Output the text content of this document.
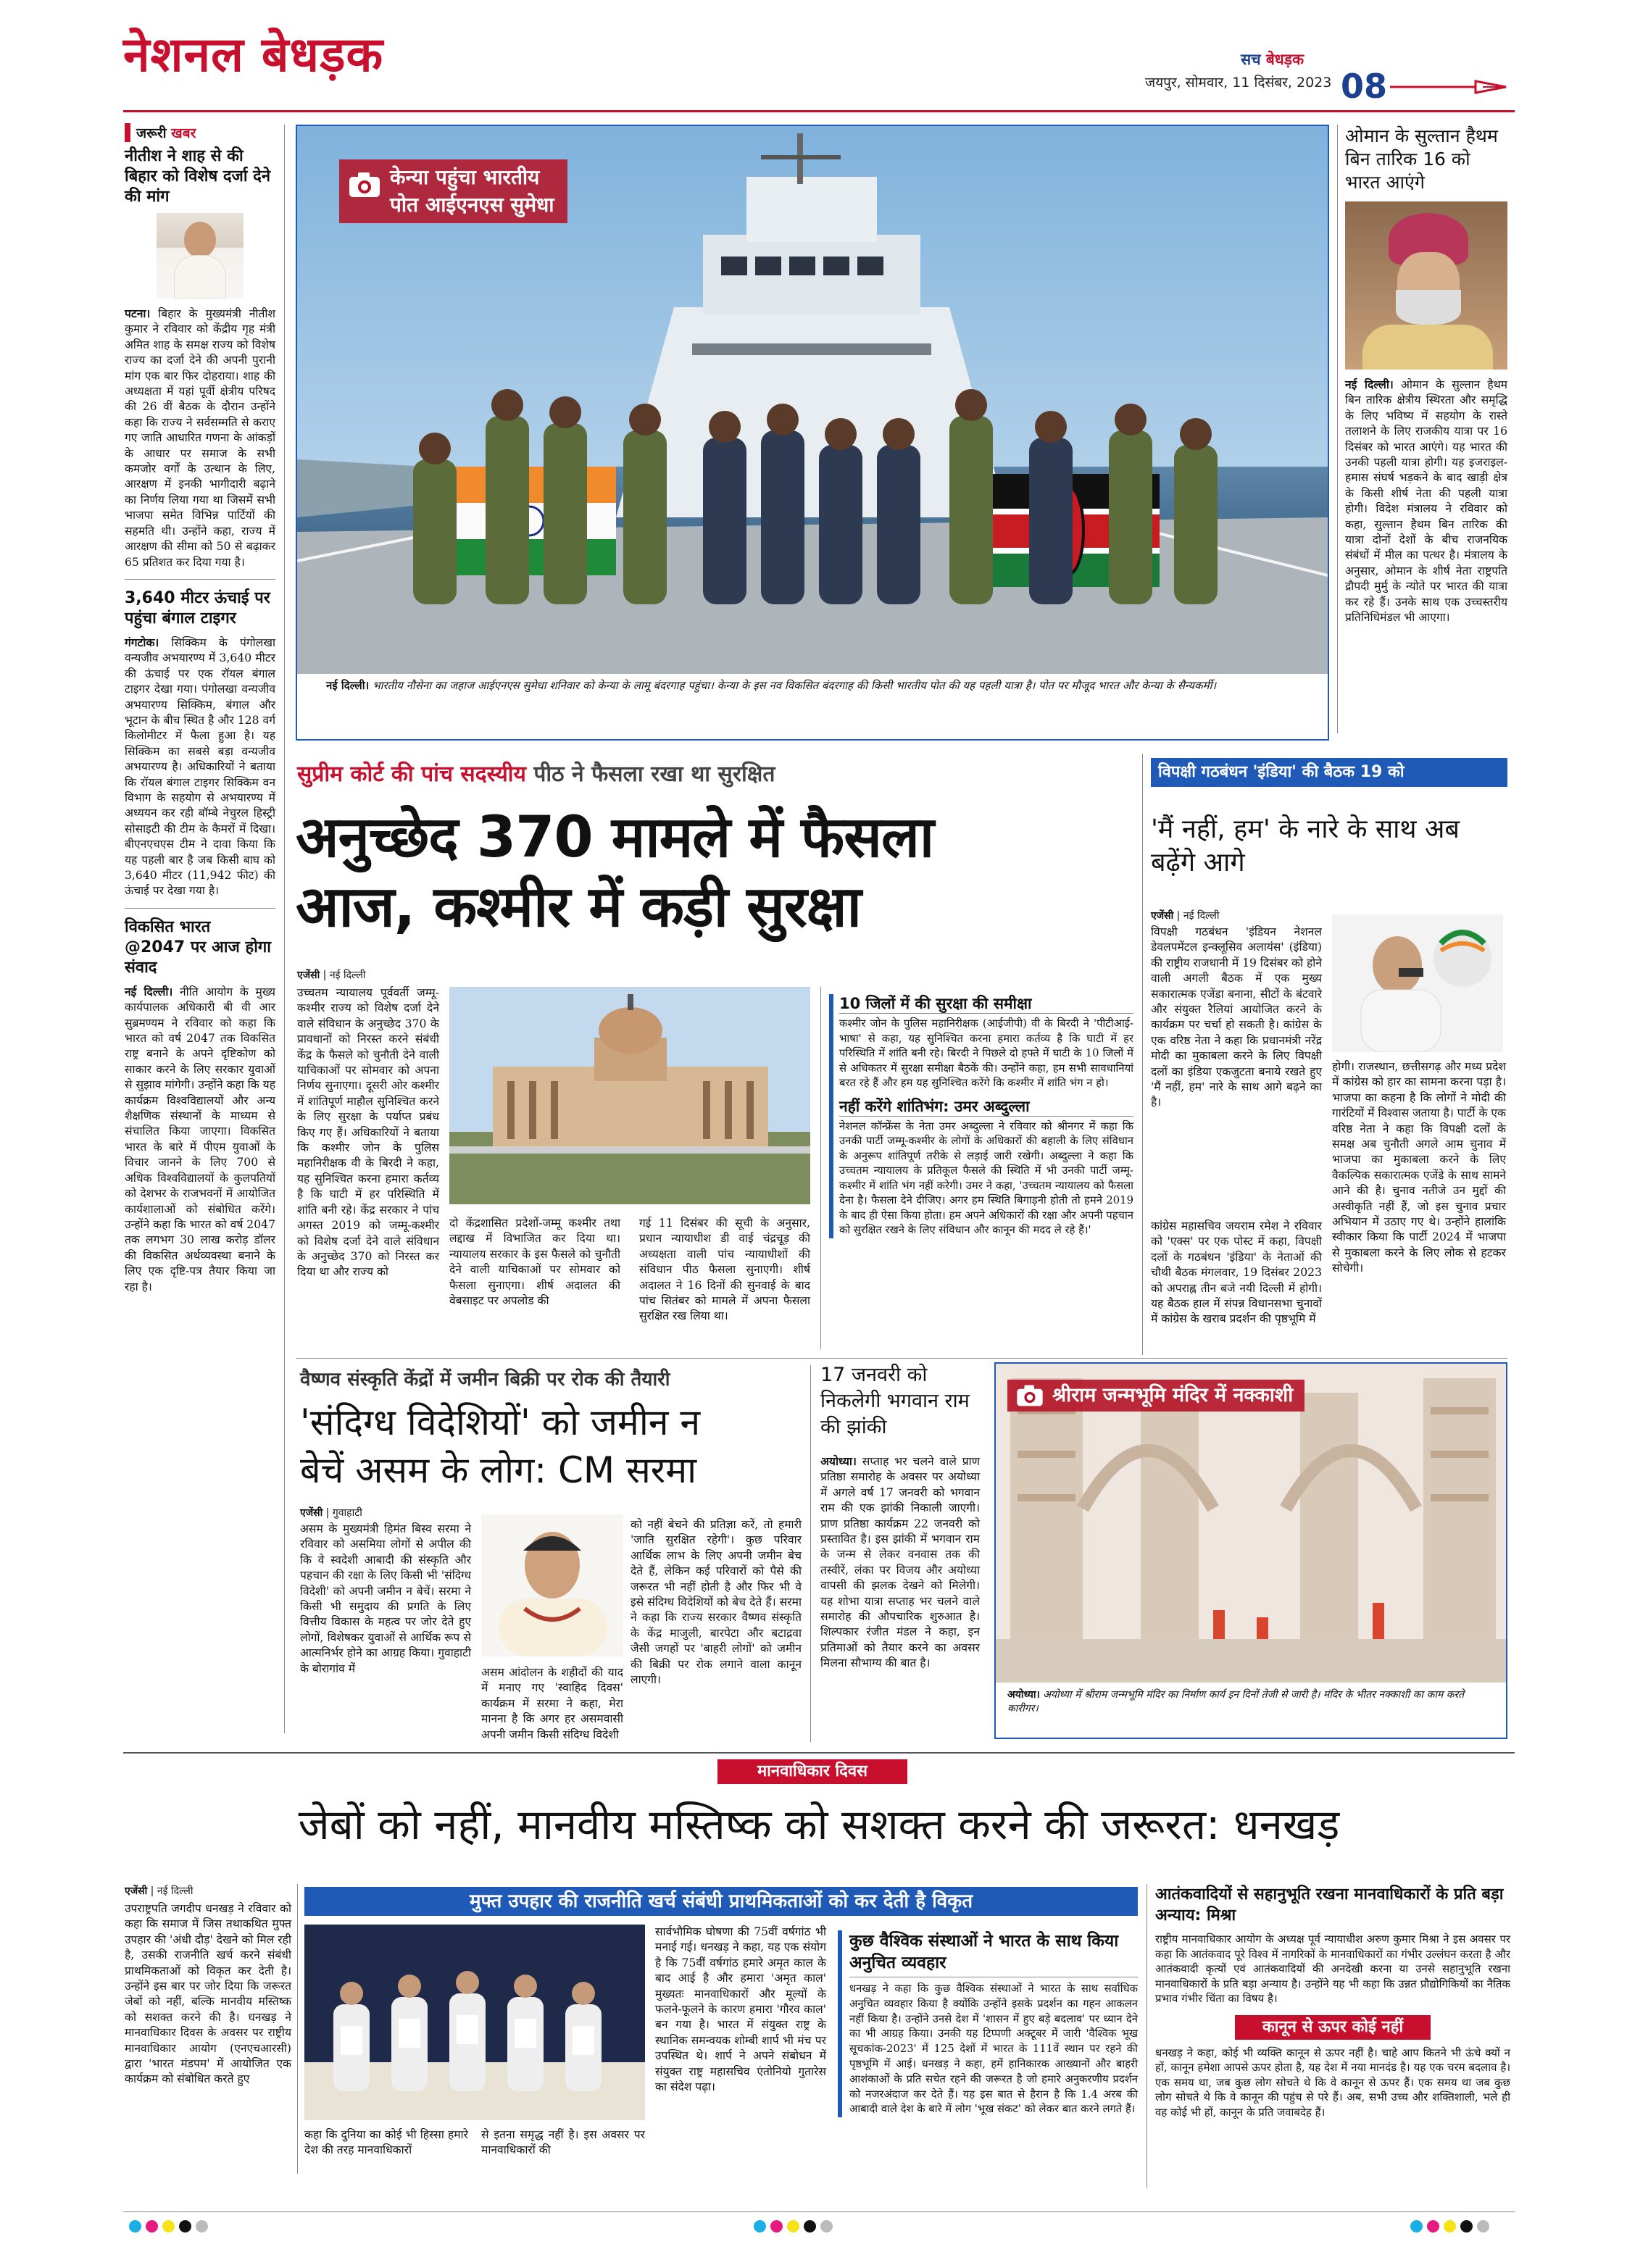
नेशनल बेधड़क	सच बेधड़क
जयपुर, सोमवार, 11 दिसंबर, 2023 08
जरूरी खबर
नीतीश ने शाह से की बिहार को विशेष दर्जा देने की मांग

पटना। बिहार के मुख्यमंत्री नीतीश कुमार ने रविवार को केंद्रीय गृह मंत्री अमित शाह के समक्ष राज्य को विशेष राज्य का दर्जा देने की अपनी पुरानी मांग एक बार फिर दोहराया। शाह की अध्यक्षता में यहां पूर्वी क्षेत्रीय परिषद की 26 वीं बैठक के दौरान उन्होंने कहा कि राज्य ने सर्वसम्मति से कराए गए जाति आधारित गणना के आंकड़ों के आधार पर समाज के सभी कमजोर वर्गों के उत्थान के लिए, आरक्षण में इनकी भागीदारी बढ़ाने का निर्णय लिया गया था जिसमें सभी भाजपा समेत विभिन्न पार्टियों की सहमति थी। उन्होंने कहा, राज्य में आरक्षण की सीमा को 50 से बढ़ाकर 65 प्रतिशत कर दिया गया है।

3,640 मीटर ऊंचाई पर पहुंचा बंगाल टाइगर

गंगटोक। सिक्किम के पंगोलखा वन्यजीव अभयारण्य में 3,640 मीटर की ऊंचाई पर एक रॉयल बंगाल टाइगर देखा गया। पंगोलखा वन्यजीव अभयारण्य सिक्किम, बंगाल और भूटान के बीच स्थित है और 128 वर्ग किलोमीटर में फैला हुआ है। यह सिक्किम का सबसे बड़ा वन्यजीव अभयारण्य है। अधिकारियों ने बताया कि रॉयल बंगाल टाइगर सिक्किम वन विभाग के सहयोग से अभयारण्य में अध्ययन कर रही बॉम्बे नेचुरल हिस्ट्री सोसाइटी की टीम के कैमरों में दिखा। बीएनएचएस टीम ने दावा किया कि यह पहली बार है जब किसी बाघ को 3,640 मीटर (11,942 फीट) की ऊंचाई पर देखा गया है।

विकसित भारत @2047 पर आज होगा संवाद

नई दिल्ली। नीति आयोग के मुख्य कार्यपालक अधिकारी बी वी आर सुब्रमण्यम ने रविवार को कहा कि भारत को वर्ष 2047 तक विकसित राष्ट्र बनाने के अपने दृष्टिकोण को साकार करने के लिए सरकार युवाओं से सुझाव मांगेगी। उन्होंने कहा कि यह कार्यक्रम विश्वविद्यालयों और अन्य शैक्षणिक संस्थानों के माध्यम से संचालित किया जाएगा। विकसित भारत के बारे में पीएम युवाओं के विचार जानने के लिए 700 से अधिक विश्वविद्यालयों के कुलपतियों को देशभर के राजभवनों में आयोजित कार्यशालाओं को संबोधित करेंगे। उन्होंने कहा कि भारत को वर्ष 2047 तक लगभग 30 लाख करोड़ डॉलर की विकसित अर्थव्यवस्था बनाने के लिए एक दृष्टि-पत्र तैयार किया जा रहा है।

केन्या पहुंचा भारतीय
पोत आईएनएस सुमेधा
नई दिल्ली। भारतीय नौसेना का जहाज आईएनएस सुमेधा शनिवार को केन्या के लामू बंदरगाह पहुंचा। केन्या के इस नव विकसित बंदरगाह की किसी भारतीय पोत की यह पहली यात्रा है। पोत पर मौजूद भारत और केन्या के सैन्यकर्मी।
ओमान के सुल्तान हैथम बिन तारिक 16 को भारत आएंगे

नई दिल्ली। ओमान के सुल्तान हैथम बिन तारिक क्षेत्रीय स्थिरता और समृद्धि के लिए भविष्य में सहयोग के रास्ते तलाशने के लिए राजकीय यात्रा पर 16 दिसंबर को भारत आएंगे। यह भारत की उनकी पहली यात्रा होगी। यह इजराइल-हमास संघर्ष भड़कने के बाद खाड़ी क्षेत्र के किसी शीर्ष नेता की पहली यात्रा होगी। विदेश मंत्रालय ने रविवार को कहा, सुल्तान हैथम बिन तारिक की यात्रा दोनों देशों के बीच राजनयिक संबंधों में मील का पत्थर है। मंत्रालय के अनुसार, ओमान के शीर्ष नेता राष्ट्रपति द्रौपदी मुर्मु के न्योते पर भारत की यात्रा कर रहे हैं। उनके साथ एक उच्चस्तरीय प्रतिनिधिमंडल भी आएगा।

सुप्रीम कोर्ट की पांच सदस्यीय पीठ ने फैसला रखा था सुरक्षित
अनुच्छेद 370 मामले में फैसला
आज, कश्मीर में कड़ी सुरक्षा
एजेंसी | नई दिल्ली

उच्चतम न्यायालय पूर्ववर्ती जम्मू-कश्मीर राज्य को विशेष दर्जा देने वाले संविधान के अनुच्छेद 370 के प्रावधानों को निरस्त करने संबंधी केंद्र के फैसले को चुनौती देने वाली याचिकाओं पर सोमवार को अपना निर्णय सुनाएगा। दूसरी ओर कश्मीर में शांतिपूर्ण माहौल सुनिश्चित करने के लिए सुरक्षा के पर्याप्त प्रबंध किए गए हैं। अधिकारियों ने बताया कि कश्मीर जोन के पुलिस महानिरीक्षक वी के बिरदी ने कहा, यह सुनिश्चित करना हमारा कर्तव्य है कि घाटी में हर परिस्थिति में शांति बनी रहे। केंद्र सरकार ने पांच अगस्त 2019 को जम्मू-कश्मीर को विशेष दर्जा देने वाले संविधान के अनुच्छेद 370 को निरस्त कर दिया था और राज्य को

दो केंद्रशासित प्रदेशों-जम्मू कश्मीर तथा लद्दाख में विभाजित कर दिया था। न्यायालय सरकार के इस फैसले को चुनौती देने वाली याचिकाओं पर सोमवार को फैसला सुनाएगा। शीर्ष अदालत की वेबसाइट पर अपलोड की

गई 11 दिसंबर की सूची के अनुसार, प्रधान न्यायाधीश डी वाई चंद्रचूड़ की अध्यक्षता वाली पांच न्यायाधीशों की संविधान पीठ फैसला सुनाएगी। शीर्ष अदालत ने 16 दिनों की सुनवाई के बाद पांच सितंबर को मामले में अपना फैसला सुरक्षित रख लिया था।

10 जिलों में की सुरक्षा की समीक्षा

कश्मीर जोन के पुलिस महानिरीक्षक (आईजीपी) वी के बिरदी ने 'पीटीआई-भाषा' से कहा, यह सुनिश्चित करना हमारा कर्तव्य है कि घाटी में हर परिस्थिति में शांति बनी रहे। बिरदी ने पिछले दो हफ्ते में घाटी के 10 जिलों में से अधिकतर में सुरक्षा समीक्षा बैठकें की। उन्होंने कहा, हम सभी सावधानियां बरत रहे हैं और हम यह सुनिश्चित करेंगे कि कश्मीर में शांति भंग न हो।

नहीं करेंगे शांतिभंग: उमर अब्दुल्ला

नेशनल कॉन्फ्रेंस के नेता उमर अब्दुल्ला ने रविवार को श्रीनगर में कहा कि उनकी पार्टी जम्मू-कश्मीर के लोगों के अधिकारों की बहाली के लिए संविधान के अनुरूप शांतिपूर्ण तरीके से लड़ाई जारी रखेगी। अब्दुल्ला ने कहा कि उच्चतम न्यायालय के प्रतिकूल फैसले की स्थिति में भी उनकी पार्टी जम्मू-कश्मीर में शांति भंग नहीं करेगी। उमर ने कहा, 'उच्चतम न्यायालय को फैसला देना है। फैसला देने दीजिए। अगर हम स्थिति बिगाड़नी होती तो हमने 2019 के बाद ही ऐसा किया होता। हम अपने अधिकारों की रक्षा और अपनी पहचान को सुरक्षित रखने के लिए संविधान और कानून की मदद ले रहे हैं।'

विपक्षी गठबंधन 'इंडिया' की बैठक 19 को
'मैं नहीं, हम' के नारे के साथ अब बढ़ेंगे आगे
एजेंसी | नई दिल्ली

विपक्षी गठबंधन 'इंडियन नेशनल डेवलपमेंटल इन्क्लूसिव अलायंस' (इंडिया) की राष्ट्रीय राजधानी में 19 दिसंबर को होने वाली अगली बैठक में एक मुख्य सकारात्मक एजेंडा बनाना, सीटों के बंटवारे और संयुक्त रैलियां आयोजित करने के कार्यक्रम पर चर्चा हो सकती है। कांग्रेस के एक वरिष्ठ नेता ने कहा कि प्रधानमंत्री नरेंद्र मोदी का मुकाबला करने के लिए विपक्षी दलों का इंडिया एकजुटता बनाये रखते हुए 'मैं नहीं, हम' नारे के साथ आगे बढ़ने का है।

कांग्रेस महासचिव जयराम रमेश ने रविवार को 'एक्स' पर एक पोस्ट में कहा, विपक्षी दलों के गठबंधन 'इंडिया' के नेताओं की चौथी बैठक मंगलवार, 19 दिसंबर 2023 को अपराह्न तीन बजे नयी दिल्ली में होगी। यह बैठक हाल में संपन्न विधानसभा चुनावों में कांग्रेस के खराब प्रदर्शन की पृष्ठभूमि में

होगी। राजस्थान, छत्तीसगढ़ और मध्य प्रदेश में कांग्रेस को हार का सामना करना पड़ा है। भाजपा का कहना है कि लोगों ने मोदी की गारंटियों में विश्वास जताया है। पार्टी के एक वरिष्ठ नेता ने कहा कि विपक्षी दलों के समक्ष अब चुनौती अगले आम चुनाव में भाजपा का मुकाबला करने के लिए वैकल्पिक सकारात्मक एजेंडे के साथ सामने आने की है। चुनाव नतीजे उन मुद्दों की अस्वीकृति नहीं हैं, जो इस चुनाव प्रचार अभियान में उठाए गए थे। उन्होंने हालांकि स्वीकार किया कि पार्टी 2024 में भाजपा से मुकाबला करने के लिए लोक से हटकर सोचेगी।

वैष्णव संस्कृति केंद्रों में जमीन बिक्री पर रोक की तैयारी
'संदिग्ध विदेशियों' को जमीन न
बेचें असम के लोग: CM सरमा
एजेंसी | गुवाहाटी

असम के मुख्यमंत्री हिमंत बिस्व सरमा ने रविवार को असमिया लोगों से अपील की कि वे स्वदेशी आबादी की संस्कृति और पहचान की रक्षा के लिए किसी भी 'संदिग्ध विदेशी' को अपनी जमीन न बेचें। सरमा ने किसी भी समुदाय की प्रगति के लिए वित्तीय विकास के महत्व पर जोर देते हुए लोगों, विशेषकर युवाओं से आर्थिक रूप से आत्मनिर्भर होने का आग्रह किया। गुवाहाटी के बोरागांव में	असम आंदोलन के शहीदों की याद में मनाए गए 'स्वाहिद दिवस' कार्यक्रम में सरमा ने कहा, मेरा मानना है कि अगर हर असमवासी अपनी जमीन किसी संदिग्ध विदेशी

को नहीं बेचने की प्रतिज्ञा करें, तो हमारी 'जाति सुरक्षित रहेगी'। कुछ परिवार आर्थिक लाभ के लिए अपनी जमीन बेच देते हैं, लेकिन कई परिवारों को पैसे की जरूरत भी नहीं होती है और फिर भी वे इसे संदिग्ध विदेशियों को बेच देते हैं। सरमा ने कहा कि राज्य सरकार वैष्णव संस्कृति के केंद्र माजुली, बारपेटा और बटाद्रवा जैसी जगहों पर 'बाहरी लोगों' को जमीन की बिक्री पर रोक लगाने वाला कानून लाएगी।

17 जनवरी को निकलेगी भगवान राम की झांकी

अयोध्या। सप्ताह भर चलने वाले प्राण प्रतिष्ठा समारोह के अवसर पर अयोध्या में अगले वर्ष 17 जनवरी को भगवान राम की एक झांकी निकाली जाएगी। प्राण प्रतिष्ठा कार्यक्रम 22 जनवरी को प्रस्तावित है। इस झांकी में भगवान राम के जन्म से लेकर वनवास तक की तस्वीरें, लंका पर विजय और अयोध्या वापसी की झलक देखने को मिलेगी। यह शोभा यात्रा सप्ताह भर चलने वाले समारोह की औपचारिक शुरुआत है। शिल्पकार रंजीत मंडल ने कहा, इन प्रतिमाओं को तैयार करने का अवसर मिलना सौभाग्य की बात है।

श्रीराम जन्मभूमि मंदिर में नक्काशी
अयोध्या। अयोध्या में श्रीराम जन्मभूमि मंदिर का निर्माण कार्य इन दिनों तेजी से जारी है। मंदिर के भीतर नक्काशी का काम करते कारीगर।
मानवाधिकार दिवस
जेबों को नहीं, मानवीय मस्तिष्क को सशक्त करने की जरूरत: धनखड़
एजेंसी | नई दिल्ली

उपराष्ट्रपति जगदीप धनखड़ ने रविवार को कहा कि समाज में जिस तथाकथित मुफ्त उपहार की 'अंधी दौड़' देखने को मिल रही है, उसकी राजनीति खर्च करने संबंधी प्राथमिकताओं को विकृत कर देती है। उन्होंने इस बार पर जोर दिया कि जरूरत जेबों को नहीं, बल्कि मानवीय मस्तिष्क को सशक्त करने की है। धनखड़ ने मानवाधिकार दिवस के अवसर पर राष्ट्रीय मानवाधिकार आयोग (एनएचआरसी) द्वारा 'भारत मंडपम' में आयोजित एक कार्यक्रम को संबोधित करते हुए

मुफ्त उपहार की राजनीति खर्च संबंधी प्राथमिकताओं को कर देती है विकृत

कहा कि दुनिया का कोई भी हिस्सा हमारे देश की तरह मानवाधिकारों

से इतना समृद्ध नहीं है। इस अवसर पर मानवाधिकारों की

सार्वभौमिक घोषणा की 75वीं वर्षगांठ भी मनाई गई। धनखड़ ने कहा, यह एक संयोग है कि 75वीं वर्षगांठ हमारे अमृत काल के बाद आई है और हमारा 'अमृत काल' मुख्यतः मानवाधिकारों और मूल्यों के फलने-फूलने के कारण हमारा 'गौरव काल' बन गया है। भारत में संयुक्त राष्ट्र के स्थानिक समन्वयक शोम्बी शार्प भी मंच पर उपस्थित थे। शार्प ने अपने संबोधन में संयुक्त राष्ट्र महासचिव एंतोनियो गुतारेस का संदेश पढ़ा।

कुछ वैश्विक संस्थाओं ने भारत के साथ किया अनुचित व्यवहार

धनखड़ ने कहा कि कुछ वैश्विक संस्थाओं ने भारत के साथ सर्वाधिक अनुचित व्यवहार किया है क्योंकि उन्होंने इसके प्रदर्शन का गहन आकलन नहीं किया है। उन्होंने उनसे देश में 'शासन में हुए बड़े बदलाव' पर ध्यान देने का भी आग्रह किया। उनकी यह टिप्पणी अक्टूबर में जारी 'वैश्विक भूख सूचकांक-2023' में 125 देशों में भारत के 111वें स्थान पर रहने की पृष्ठभूमि में आई। धनखड़ ने कहा, हमें हानिकारक आख्यानों और बाहरी आशंकाओं के प्रति सचेत रहने की जरूरत है जो हमारे अनुकरणीय प्रदर्शन को नजरअंदाज कर देते हैं। यह इस बात से हैरान है कि 1.4 अरब की आबादी वाले देश के बारे में लोग 'भूख संकट' को लेकर बात करने लगते हैं।

आतंकवादियों से सहानुभूति रखना मानवाधिकारों के प्रति बड़ा अन्याय: मिश्रा

राष्ट्रीय मानवाधिकार आयोग के अध्यक्ष पूर्व न्यायाधीश अरुण कुमार मिश्रा ने इस अवसर पर कहा कि आतंकवाद पूरे विश्व में नागरिकों के मानवाधिकारों का गंभीर उल्लंघन करता है और आतंकवादी कृत्यों एवं आतंकवादियों की अनदेखी करना या उनसे सहानुभूति रखना मानवाधिकारों के प्रति बड़ा अन्याय है। उन्होंने यह भी कहा कि उन्नत प्रौद्योगिकियों का नैतिक प्रभाव गंभीर चिंता का विषय है।

कानून से ऊपर कोई नहीं

धनखड़ ने कहा, कोई भी व्यक्ति कानून से ऊपर नहीं है। चाहे आप कितने भी ऊंचे क्यों न हों, कानून हमेशा आपसे ऊपर होता है, यह देश में नया मानदंड है। यह एक चरम बदलाव है। एक समय था, जब कुछ लोग सोचते थे कि वे कानून से ऊपर हैं। एक समय था जब कुछ लोग सोचते थे कि वे कानून की पहुंच से परे हैं। अब, सभी उच्च और शक्तिशाली, भले ही वह कोई भी हों, कानून के प्रति जवाबदेह हैं।
